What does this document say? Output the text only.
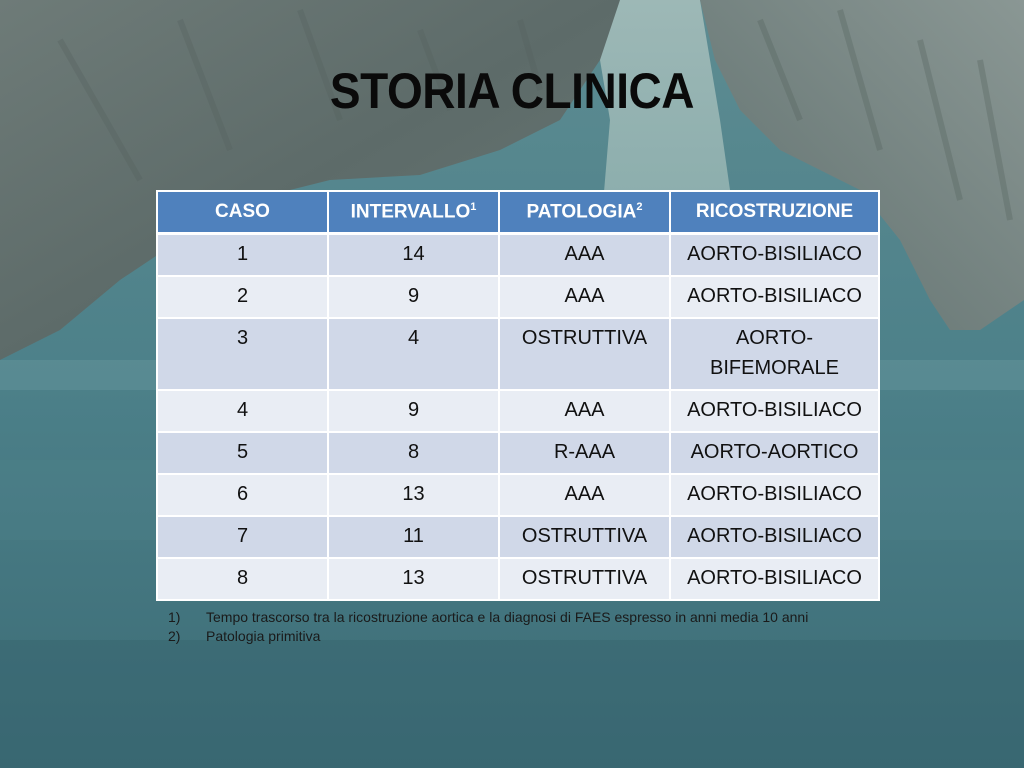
STORIA CLINICA
CASO	INTERVALLO$^1$	PATOLOGIA$^2$	RICOSTRUZIONE

1	14	AAA	AORTO-BISILIACO

2	9	AAA	AORTO-BISILIACO

3	4	OSTRUTTIVA	AORTO-
BIFEMORALE

4	9	AAA	AORTO-BISILIACO

5	8	R-AAA	AORTO-AORTICO

6	13	AAA	AORTO-BISILIACO

7	11	OSTRUTTIVA	AORTO-BISILIACO

8	13	OSTRUTTIVA	AORTO-BISILIACO
1)	Tempo trascorso tra la ricostruzione aortica e la diagnosi di FAES espresso in anni media 10 anni
2)	Patologia primitiva
